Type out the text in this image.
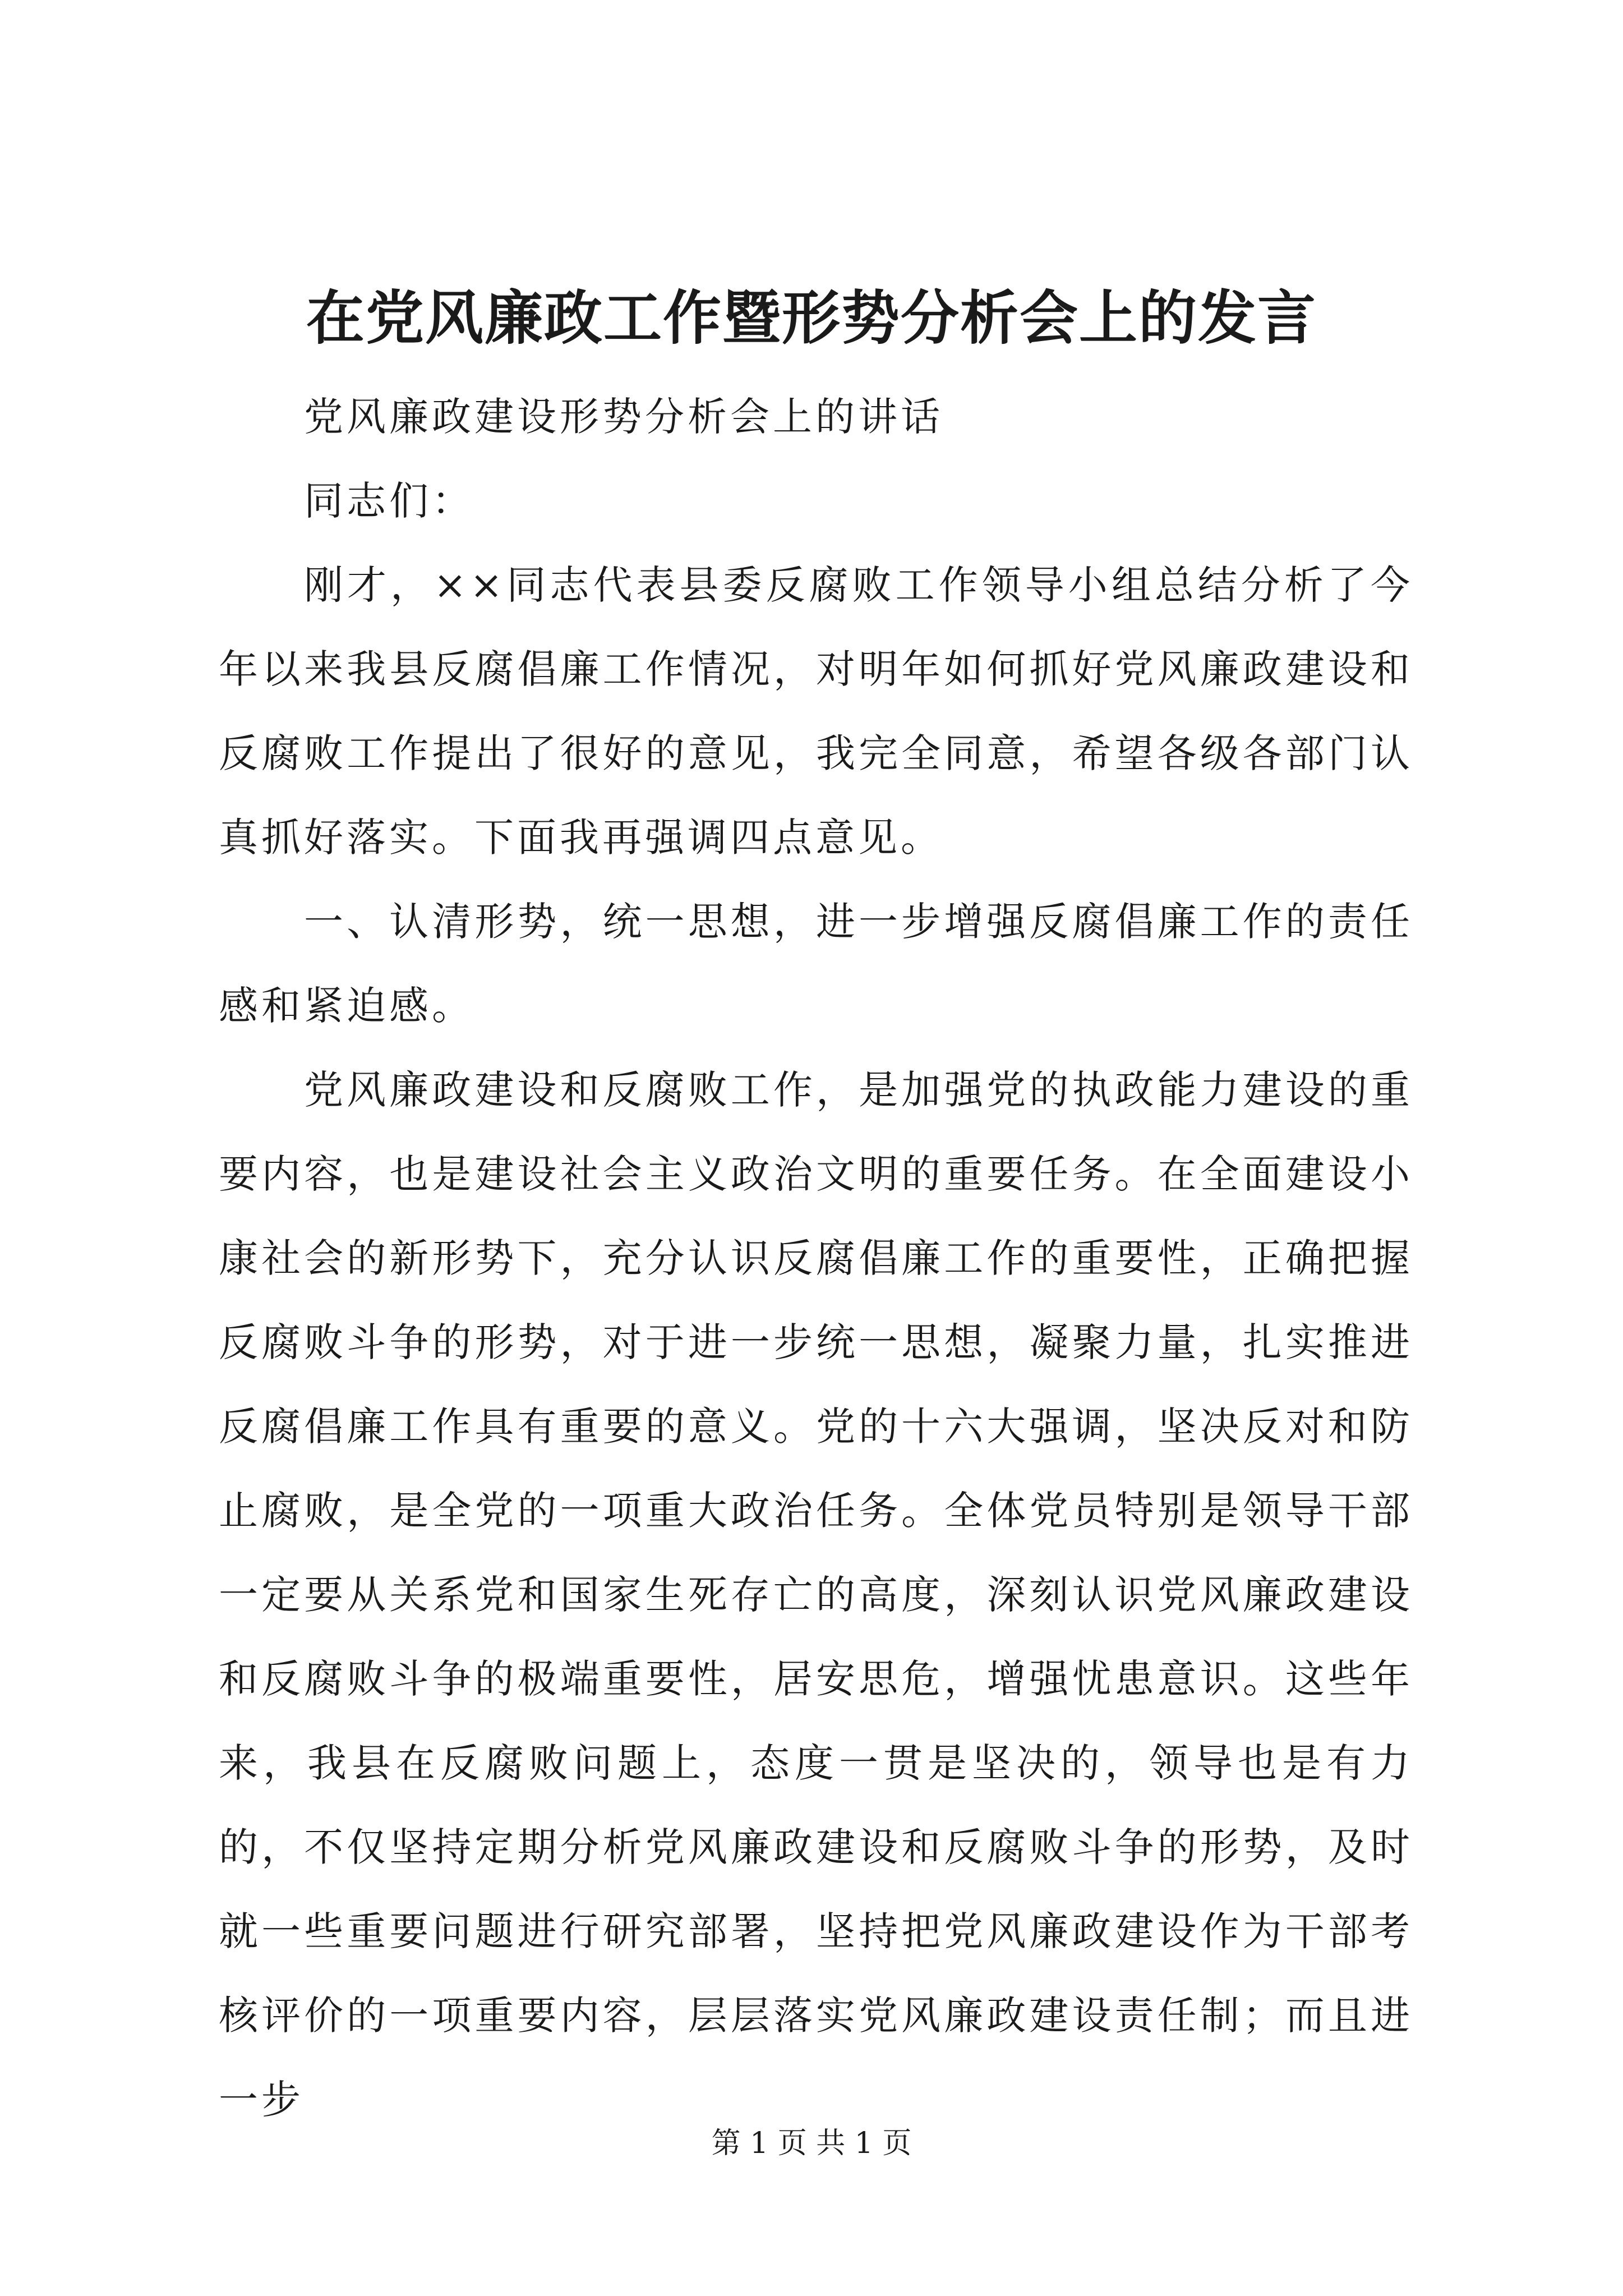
在党风廉政工作暨形势分析会上的发言

党风廉政建设形势分析会上的讲话

同志们：

刚才，××同志代表县委反腐败工作领导小组总结分析了今年以来我县反腐倡廉工作情况，对明年如何抓好党风廉政建设和反腐败工作提出了很好的意见，我完全同意，希望各级各部门认真抓好落实。下面我再强调四点意见。

一、认清形势，统一思想，进一步增强反腐倡廉工作的责任感和紧迫感。

党风廉政建设和反腐败工作，是加强党的执政能力建设的重要内容，也是建设社会主义政治文明的重要任务。在全面建设小康社会的新形势下，充分认识反腐倡廉工作的重要性，正确把握反腐败斗争的形势，对于进一步统一思想，凝聚力量，扎实推进反腐倡廉工作具有重要的意义。党的十六大强调，坚决反对和防止腐败，是全党的一项重大政治任务。全体党员特别是领导干部一定要从关系党和国家生死存亡的高度，深刻认识党风廉政建设和反腐败斗争的极端重要性，居安思危，增强忧患意识。这些年来，我县在反腐败问题上，态度一贯是坚决的，领导也是有力的，不仅坚持定期分析党风廉政建设和反腐败斗争的形势，及时就一些重要问题进行研究部署，坚持把党风廉政建设作为干部考核评价的一项重要内容，层层落实党风廉政建设责任制；而且进一步

第 1 页 共 1 页
